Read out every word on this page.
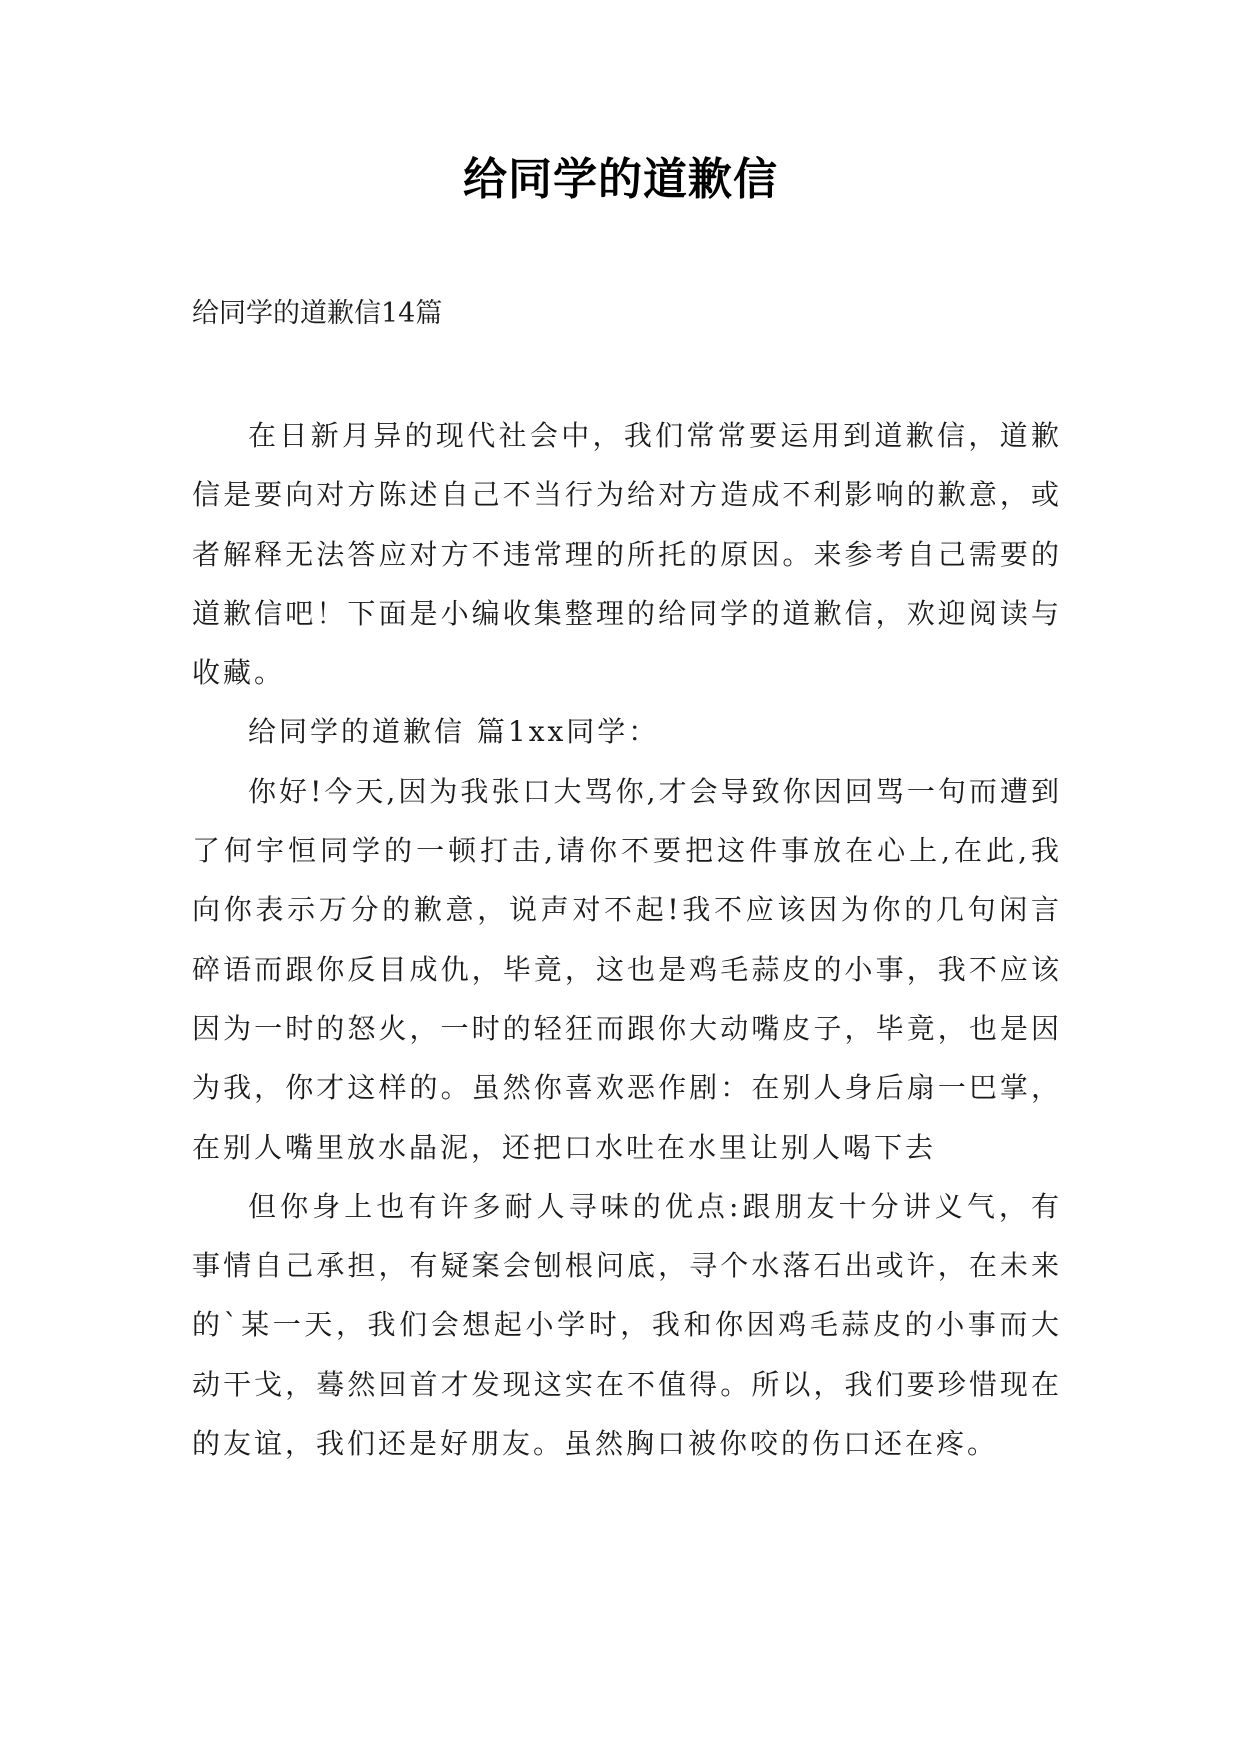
给同学的道歉信
给同学的道歉信14篇

在日新月异的现代社会中，我们常常要运用到道歉信，道歉信是要向对方陈述自己不当行为给对方造成不利影响的歉意，或者解释无法答应对方不违常理的所托的原因。来参考自己需要的道歉信吧！下面是小编收集整理的给同学的道歉信，欢迎阅读与收藏。

给同学的道歉信 篇1xx同学：

你好!今天,因为我张口大骂你,才会导致你因回骂一句而遭到了何宇恒同学的一顿打击,请你不要把这件事放在心上,在此,我向你表示万分的歉意，说声对不起!我不应该因为你的几句闲言碎语而跟你反目成仇，毕竟，这也是鸡毛蒜皮的小事，我不应该因为一时的怒火，一时的轻狂而跟你大动嘴皮子，毕竟，也是因为我，你才这样的。虽然你喜欢恶作剧：在别人身后扇一巴掌，在别人嘴里放水晶泥，还把口水吐在水里让别人喝下去

但你身上也有许多耐人寻味的优点:跟朋友十分讲义气，有事情自己承担，有疑案会刨根问底，寻个水落石出或许，在未来的`某一天，我们会想起小学时，我和你因鸡毛蒜皮的小事而大动干戈，蓦然回首才发现这实在不值得。所以，我们要珍惜现在的友谊，我们还是好朋友。虽然胸口被你咬的伤口还在疼。
